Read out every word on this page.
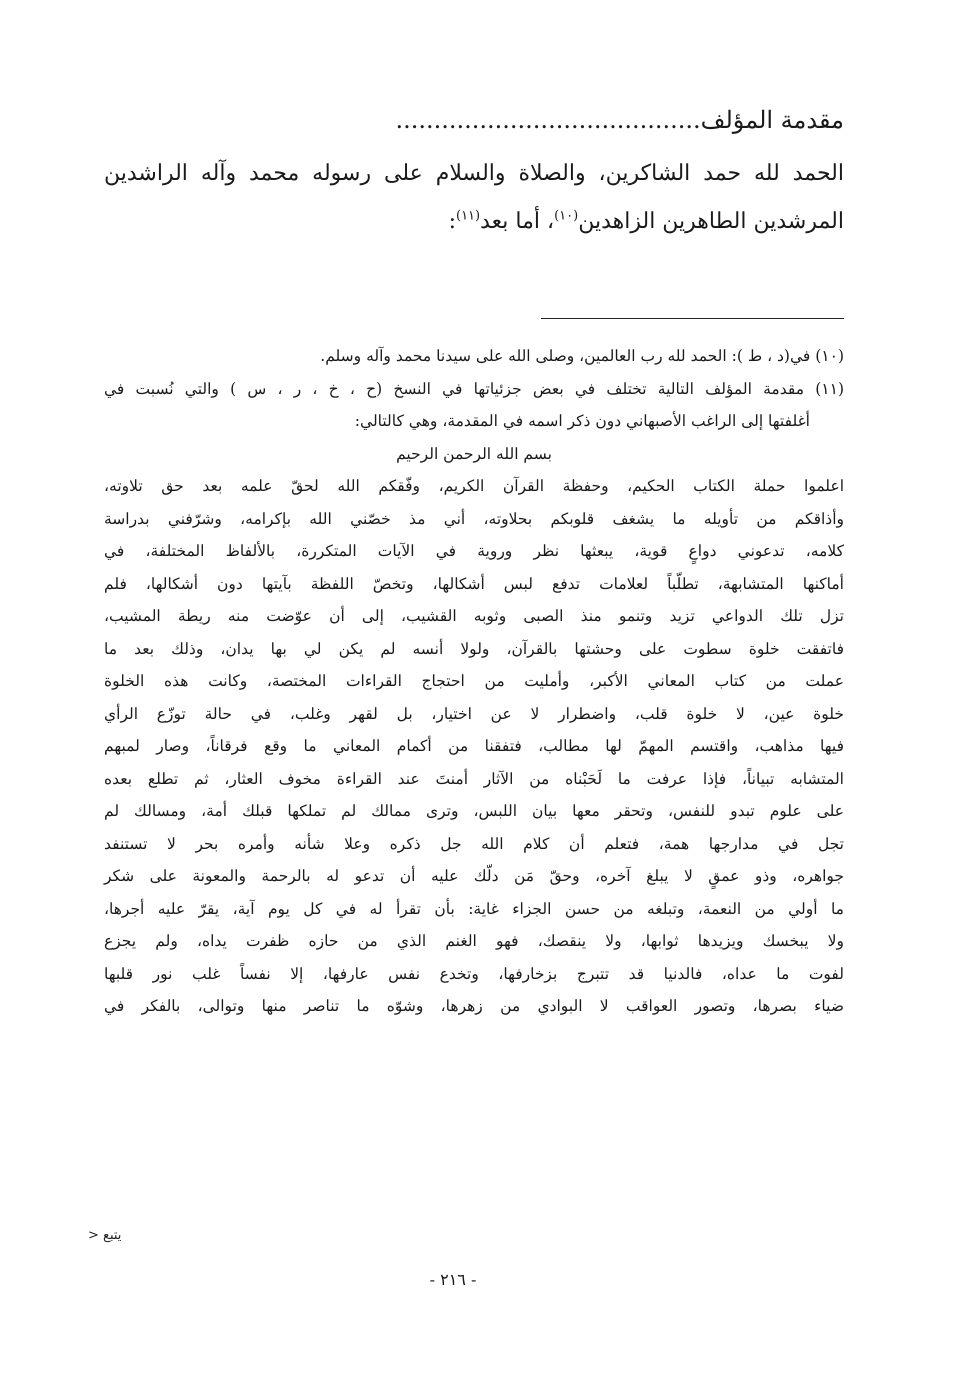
مقدمة المؤلف........................................

الحمد لله حمد الشاكرين، والصلاة والسلام على رسوله محمد وآله الراشدين

المرشدين الطاهرين الزاهدين$^{(١٠)}$، أما بعد$^{(١١)}$:

(١٠) في(د ، ط ): الحمد لله رب العالمين، وصلى الله على سيدنا محمد وآله وسلم.

(١١) مقدمة المؤلف التالية تختلف في بعض جزئياتها في النسخ (ح ، خ ، ر ، س ) والتي نُسبت في

أغلفتها إلى الراغب الأصبهاني دون ذكر اسمه في المقدمة، وهي كالتالي:

بسم الله الرحمن الرحيم

اعلموا حملة الكتاب الحكيم، وحفظة القرآن الكريم، وفّقكم الله لحقّ علمه بعد حق تلاوته،

وأذاقكم من تأويله ما يشغف قلوبكم بحلاوته، أني مذ خصّني الله بإكرامه، وشرّفني بدراسة

كلامه، تدعوني دواعٍ قوية، يبعثها نظر وروية في الآيات المتكررة، بالألفاظ المختلفة، في

أماكنها المتشابهة، تطلّباً لعلامات تدفع لبس أشكالها، وتخصّ اللفظة بآيتها دون أشكالها، فلم

تزل تلك الدواعي تزيد وتنمو منذ الصبى وثوبه القشيب، إلى أن عوّضت منه ريطة المشيب،

فاتفقت خلوة سطوت على وحشتها بالقرآن، ولولا أنسه لم يكن لي بها يدان، وذلك بعد ما

عملت من كتاب المعاني الأكبر، وأمليت من احتجاج القراءات المختصة، وكانت هذه الخلوة

خلوة عين، لا خلوة قلب، واضطرار لا عن اختيار، بل لقهر وغلب، في حالة توزّع الرأي

فيها مذاهب، واقتسم المهمّ لها مطالب، فتفقنا من أكمام المعاني ما وقع فرقاناً، وصار لمبهم

المتشابه تبياناً، فإذا عرفت ما لَحَبْناه من الآثار أمنتَ عند القراءة مخوف العثار، ثم تطلع بعده

على علوم تبدو للنفس، وتحقر معها بيان اللبس، وترى ممالك لم تملكها قبلك أمة، ومسالك لم

تجل في مدارجها همة، فتعلم أن كلام الله جل ذكره وعلا شأنه وأمره بحر لا تستنفد

جواهره، وذو عمقٍ لا يبلغ آخره، وحقّ مَن دلّك عليه أن تدعو له بالرحمة والمعونة على شكر

ما أولي من النعمة، وتبلغه من حسن الجزاء غاية: بأن تقرأ له في كل يوم آية، يقرّ عليه أجرها،

ولا يبخسك ويزيدها ثوابها، ولا ينقصك، فهو الغنم الذي من حازه ظفرت يداه، ولم يجزع

لفوت ما عداه، فالدنيا قد تتبرج بزخارفها، وتخدع نفس عارفها، إلا نفساً غلب نور قلبها

ضياء بصرها، وتصور العواقب لا البوادي من زهرها، وشوّه ما تناصر منها وتوالى، بالفكر في

يتبع <
- ٢١٦ -
